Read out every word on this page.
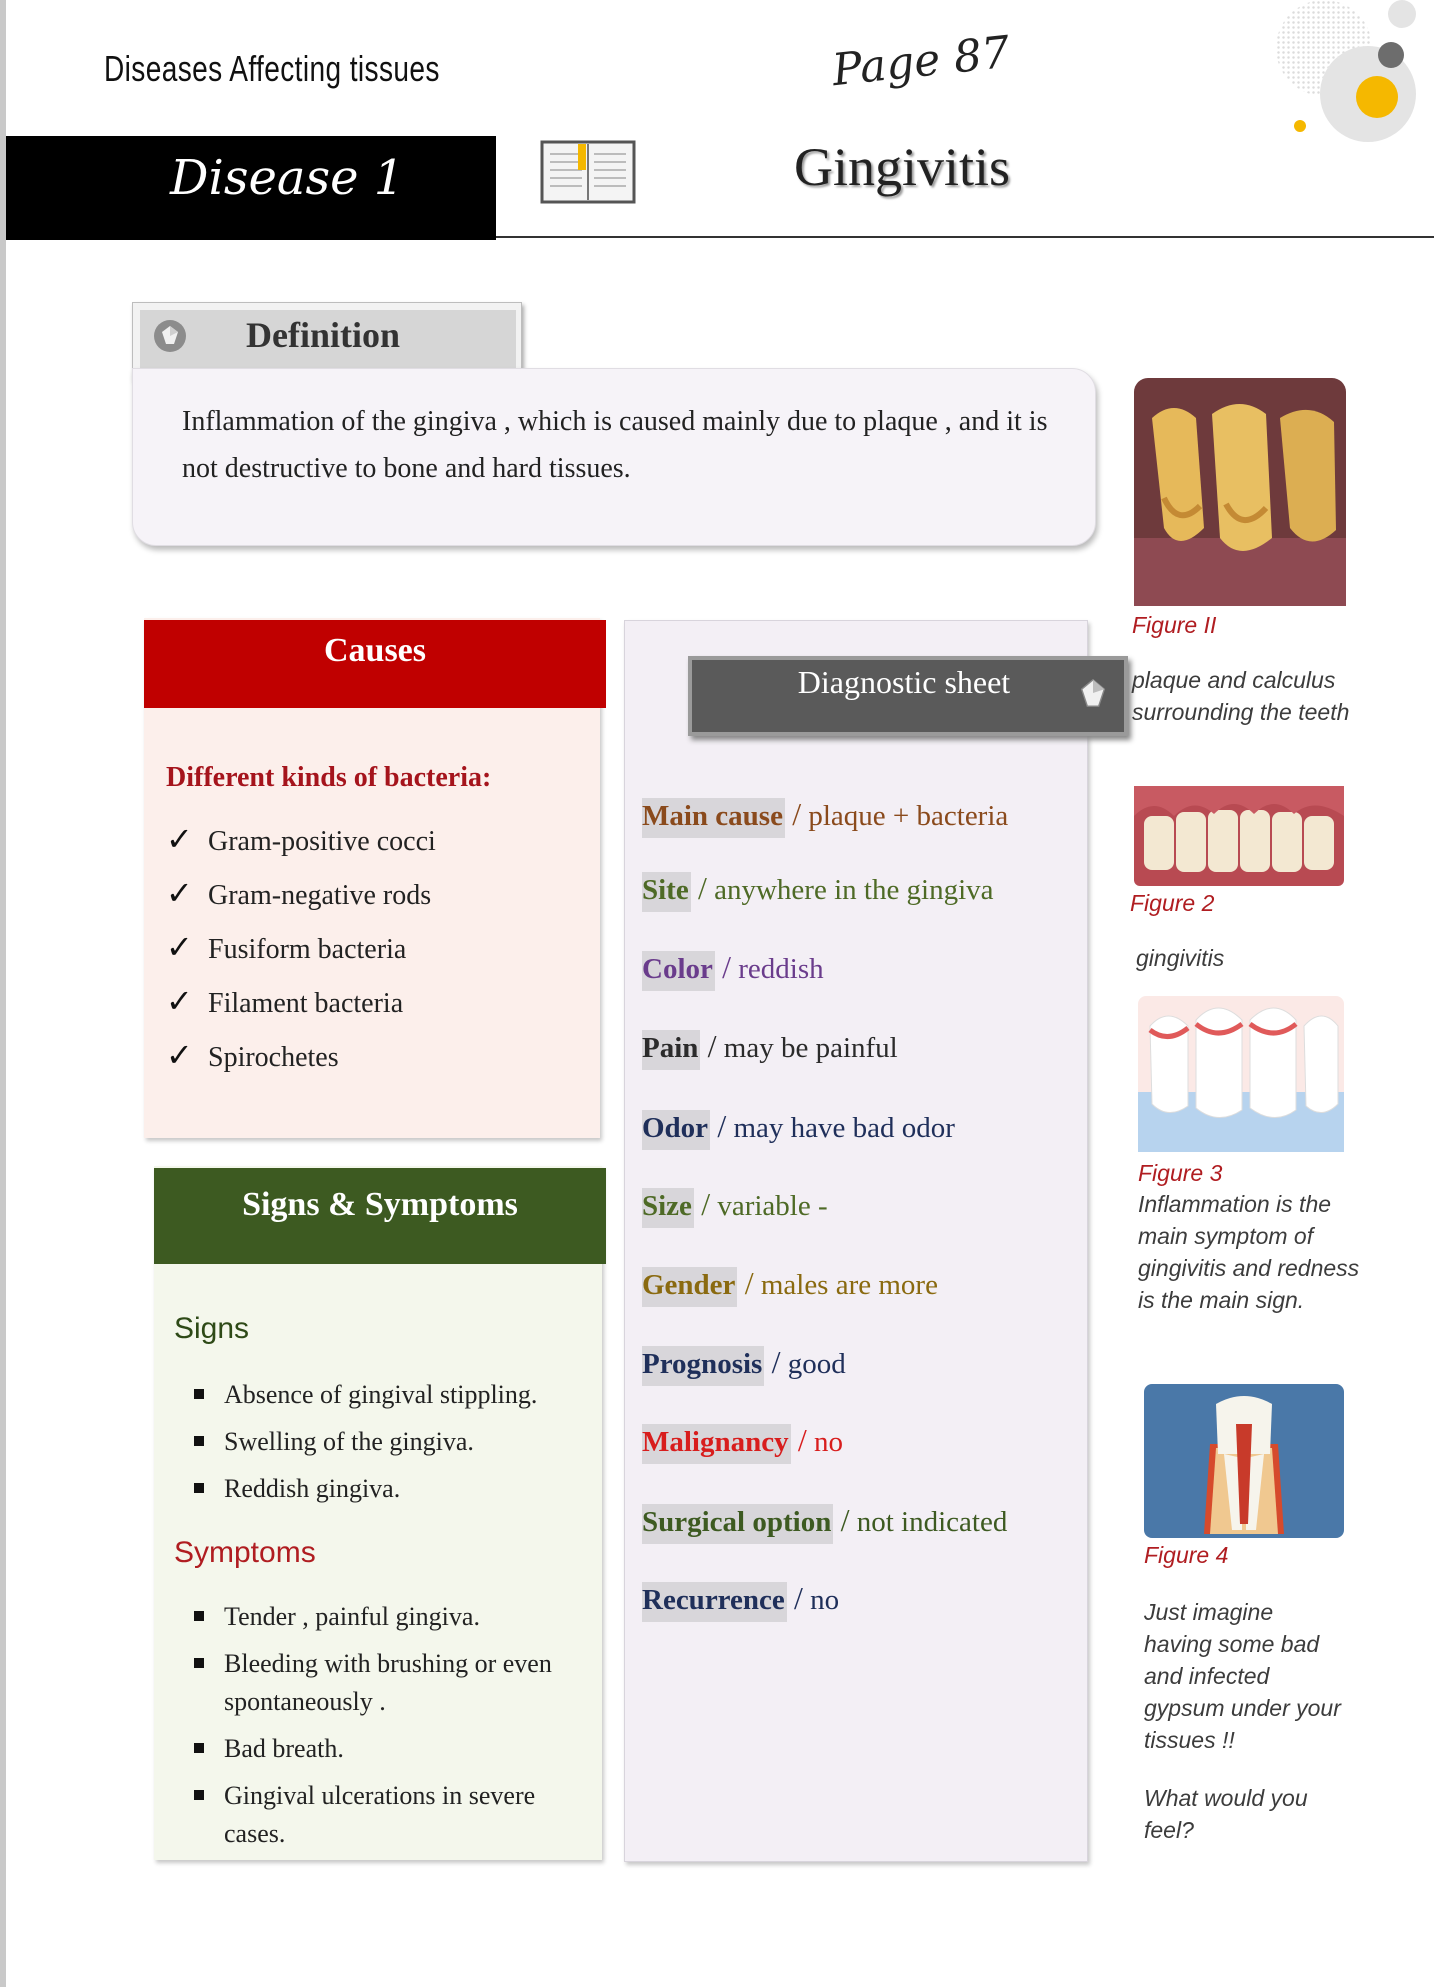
Diseases Affecting tissues	Page 87
Disease 1	Gingivitis
Definition
Inflammation of the gingiva , which is caused mainly due to plaque , and it is not destructive to bone and hard tissues.
Causes
Different kinds of bacteria:
✓ Gram-positive cocci
✓ Gram-negative rods
✓ Fusiform bacteria
✓ Filament bacteria
✓ Spirochetes
Signs & Symptoms
Signs
Absence of gingival stippling.
Swelling of the gingiva.
Reddish gingiva.
Symptoms
Tender , painful gingiva.
Bleeding with brushing or even spontaneously .
Bad breath.
Gingival ulcerations in severe cases.
Diagnostic sheet
Main cause / plaque + bacteria
Site / anywhere in the gingiva
Color / reddish
Pain / may be painful
Odor / may have bad odor
Size / variable -
Gender / males are more
Prognosis / good
Malignancy / no
Surgical option / not indicated
Recurrence / no
Figure II
plaque and calculus surrounding the teeth
Figure 2
gingivitis
Figure 3
Inflammation is the main symptom of gingivitis and redness is the main sign.
Figure 4
Just imagine having some bad and infected gypsum under your tissues !!
What would you feel?
